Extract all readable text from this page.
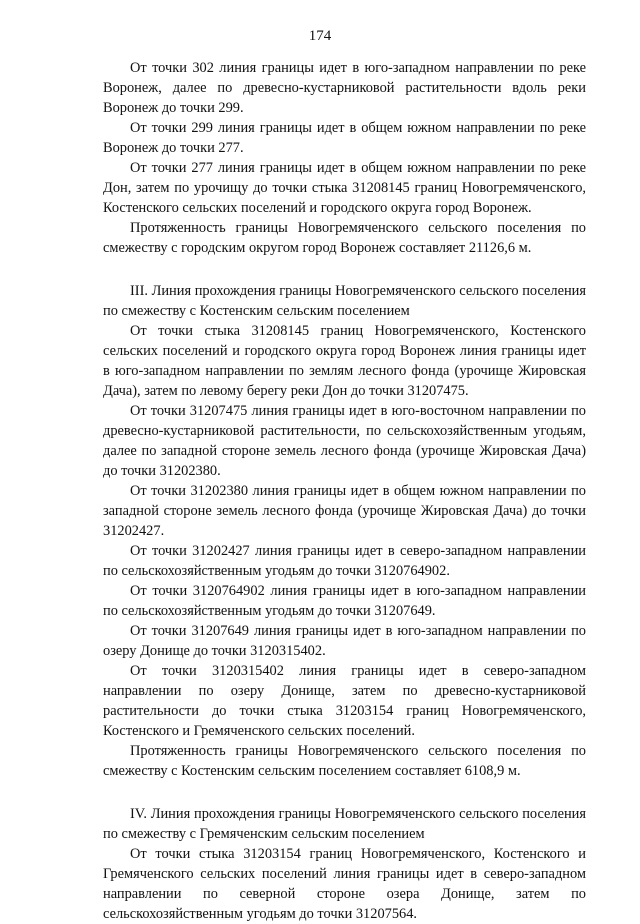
174

От точки 302 линия границы идет в юго-западном направлении по реке Воронеж, далее по древесно-кустарниковой растительности вдоль реки Воронеж до точки 299.

От точки 299 линия границы идет в общем южном направлении по реке Воронеж до точки 277.

От точки 277 линия границы идет в общем южном направлении по реке Дон, затем по урочищу до точки стыка 31208145 границ Новогремяченского, Костенского сельских поселений и городского округа город Воронеж.

Протяженность границы Новогремяченского сельского поселения по смежеству с городским округом город Воронеж составляет 21126,6 м.

III. Линия прохождения границы Новогремяченского сельского поселения по смежеству с Костенским сельским поселением

От точки стыка 31208145 границ Новогремяченского, Костенского сельских поселений и городского округа город Воронеж линия границы идет в юго-западном направлении по землям лесного фонда (урочище Жировская Дача), затем по левому берегу реки Дон до точки 31207475.

От точки 31207475 линия границы идет в юго-восточном направлении по древесно-кустарниковой растительности, по сельскохозяйственным угодьям, далее по западной стороне земель лесного фонда (урочище Жировская Дача) до точки 31202380.

От точки 31202380 линия границы идет в общем южном направлении по западной стороне земель лесного фонда (урочище Жировская Дача) до точки 31202427.

От точки 31202427 линия границы идет в северо-западном направлении по сельскохозяйственным угодьям до точки 3120764902.

От точки 3120764902 линия границы идет в юго-западном направлении по сельскохозяйственным угодьям до точки 31207649.

От точки 31207649 линия границы идет в юго-западном направлении по озеру Донище до точки 3120315402.

От точки 3120315402 линия границы идет в северо-западном направлении по озеру Донище, затем по древесно-кустарниковой растительности до точки стыка 31203154 границ Новогремяченского, Костенского и Гремяченского сельских поселений.

Протяженность границы Новогремяченского сельского поселения по смежеству с Костенским сельским поселением составляет 6108,9 м.

IV. Линия прохождения границы Новогремяченского сельского поселения по смежеству с Гремяченским сельским поселением

От точки стыка 31203154 границ Новогремяченского, Костенского и Гремяченского сельских поселений линия границы идет в северо-западном направлении по северной стороне озера Донище, затем по сельскохозяйственным угодьям до точки 31207564.
